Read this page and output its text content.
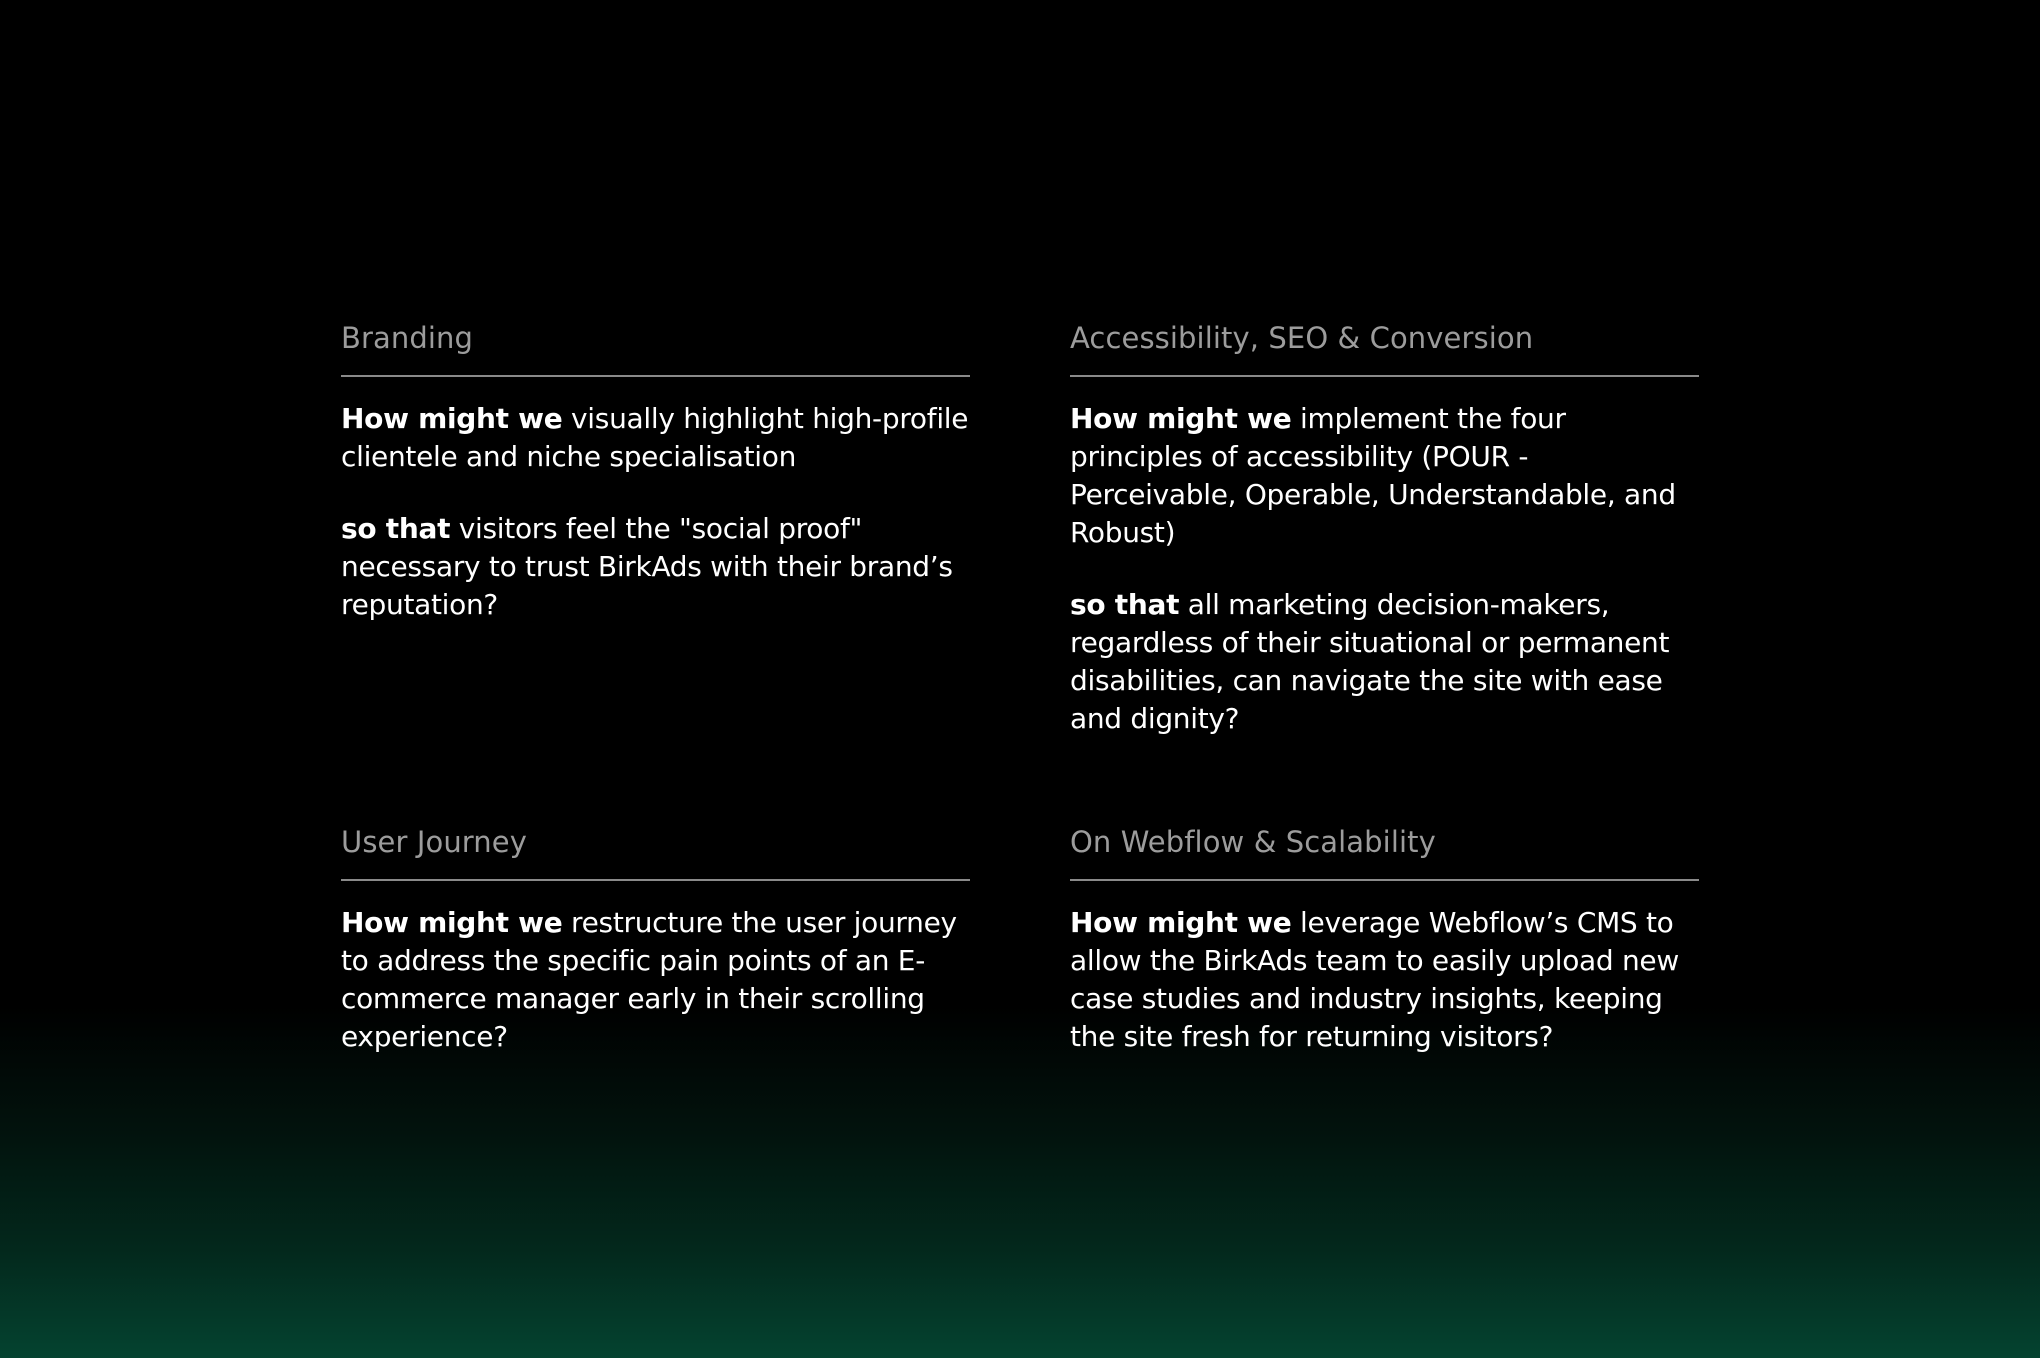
Branding

How might we visually highlight high-profile clientele and niche specialisation

so that visitors feel the "social proof" necessary to trust BirkAds with their brand’s reputation?

Accessibility, SEO & Conversion

How might we implement the four principles of accessibility (POUR - Perceivable, Operable, Understandable, and Robust)

so that all marketing decision-makers, regardless of their situational or permanent disabilities, can navigate the site with ease and dignity?

User Journey

How might we restructure the user journey to address the specific pain points of an E-commerce manager early in their scrolling experience?

On Webflow & Scalability

How might we leverage Webflow’s CMS to allow the BirkAds team to easily upload new case studies and industry insights, keeping the site fresh for returning visitors?
